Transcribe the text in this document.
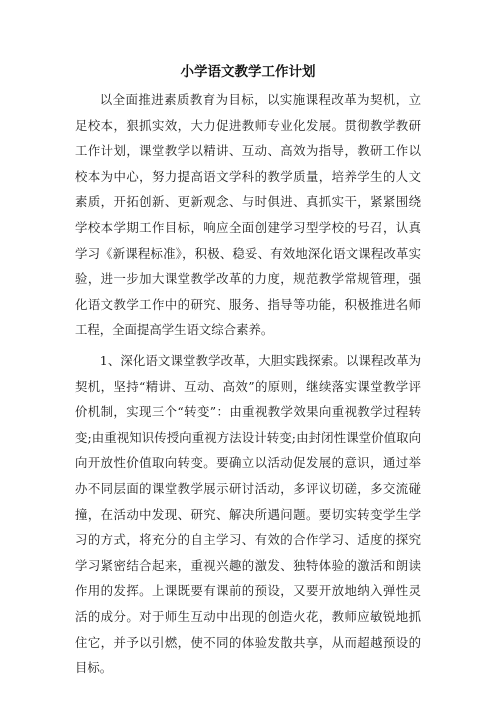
小学语文教学工作计划

以全面推进素质教育为目标，以实施课程改革为契机，立足校本，狠抓实效，大力促进教师专业化发展。贯彻教学教研工作计划，课堂教学以精讲、互动、高效为指导，教研工作以校本为中心，努力提高语文学科的教学质量，培养学生的人文素质，开拓创新、更新观念、与时俱进、真抓实干，紧紧围绕学校本学期工作目标，响应全面创建学习型学校的号召，认真学习《新课程标准》，积极、稳妥、有效地深化语文课程改革实验，进一步加大课堂教学改革的力度，规范教学常规管理，强化语文教学工作中的研究、服务、指导等功能，积极推进名师工程，全面提高学生语文综合素养。

1、深化语文课堂教学改革，大胆实践探索。以课程改革为契机，坚持“精讲、互动、高效”的原则，继续落实课堂教学评价机制，实现三个“转变”：由重视教学效果向重视教学过程转变;由重视知识传授向重视方法设计转变;由封闭性课堂价值取向向开放性价值取向转变。要确立以活动促发展的意识，通过举办不同层面的课堂教学展示研讨活动，多评议切磋，多交流碰撞，在活动中发现、研究、解决所遇问题。要切实转变学生学习的方式，将充分的自主学习、有效的合作学习、适度的探究学习紧密结合起来，重视兴趣的激发、独特体验的激活和朗读作用的发挥。上课既要有课前的预设，又要开放地纳入弹性灵活的成分。对于师生互动中出现的创造火花，教师应敏锐地抓住它，并予以引燃，使不同的体验发散共享，从而超越预设的目标。
